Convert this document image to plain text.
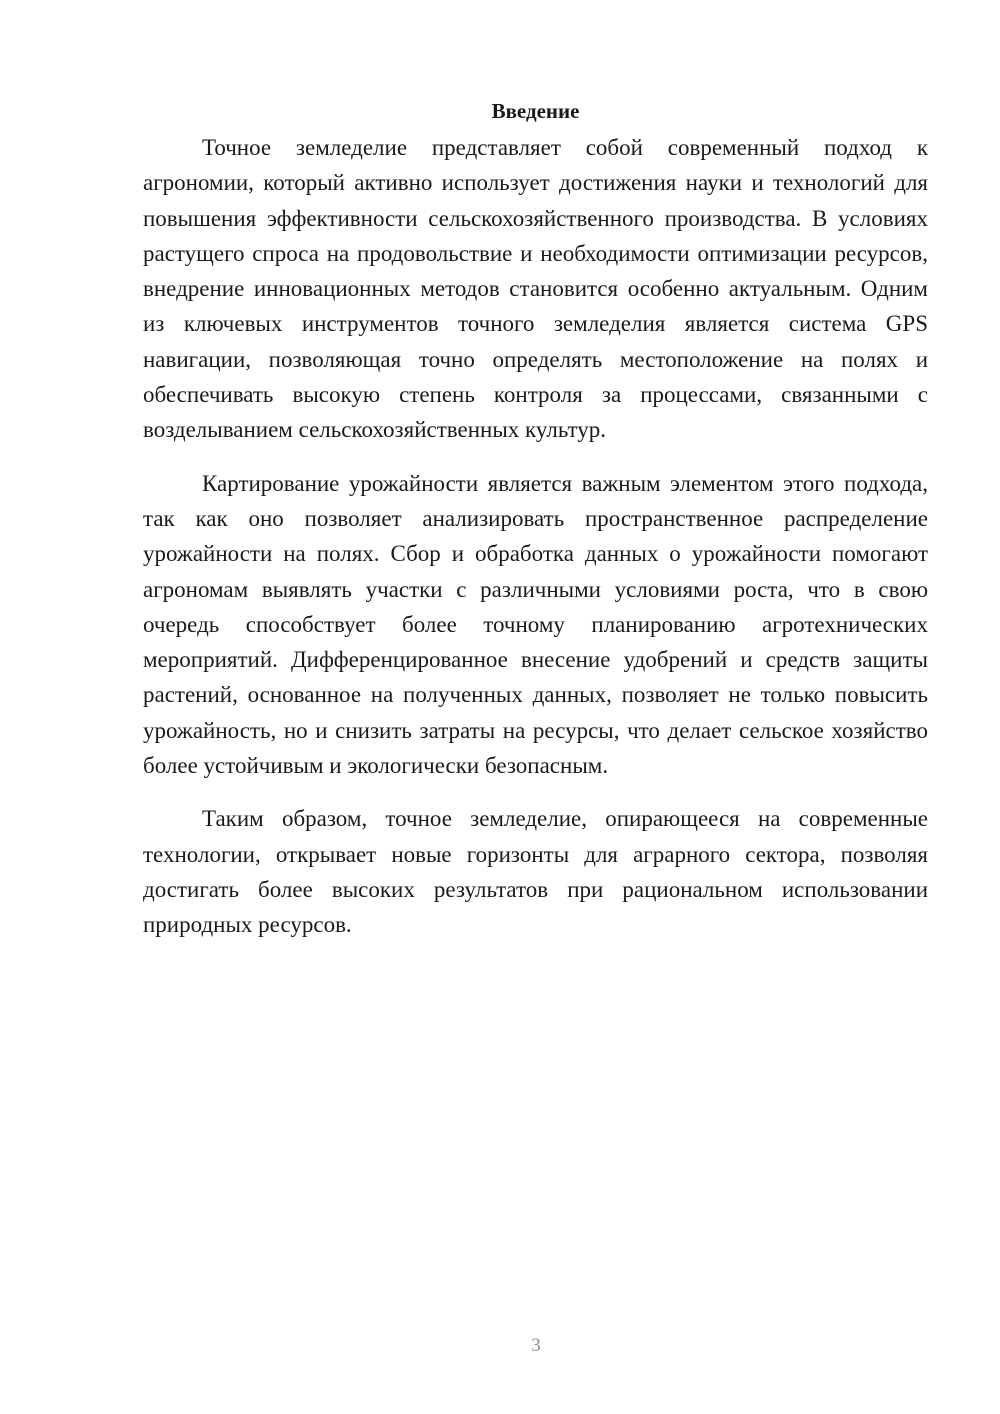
Введение

Точное земледелие представляет собой современный подход к агрономии, который активно использует достижения науки и технологий для повышения эффективности сельскохозяйственного производства. В условиях растущего спроса на продовольствие и необходимости оптимизации ресурсов, внедрение инновационных методов становится особенно актуальным. Одним из ключевых инструментов точного земледелия является система GPS навигации, позволяющая точно определять местоположение на полях и обеспечивать высокую степень контроля за процессами, связанными с возделыванием сельскохозяйственных культур.

Картирование урожайности является важным элементом этого подхода, так как оно позволяет анализировать пространственное распределение урожайности на полях. Сбор и обработка данных о урожайности помогают агрономам выявлять участки с различными условиями роста, что в свою очередь способствует более точному планированию агротехнических мероприятий. Дифференцированное внесение удобрений и средств защиты растений, основанное на полученных данных, позволяет не только повысить урожайность, но и снизить затраты на ресурсы, что делает сельское хозяйство более устойчивым и экологически безопасным.

Таким образом, точное земледелие, опирающееся на современные технологии, открывает новые горизонты для аграрного сектора, позволяя достигать более высоких результатов при рациональном использовании природных ресурсов.

3
